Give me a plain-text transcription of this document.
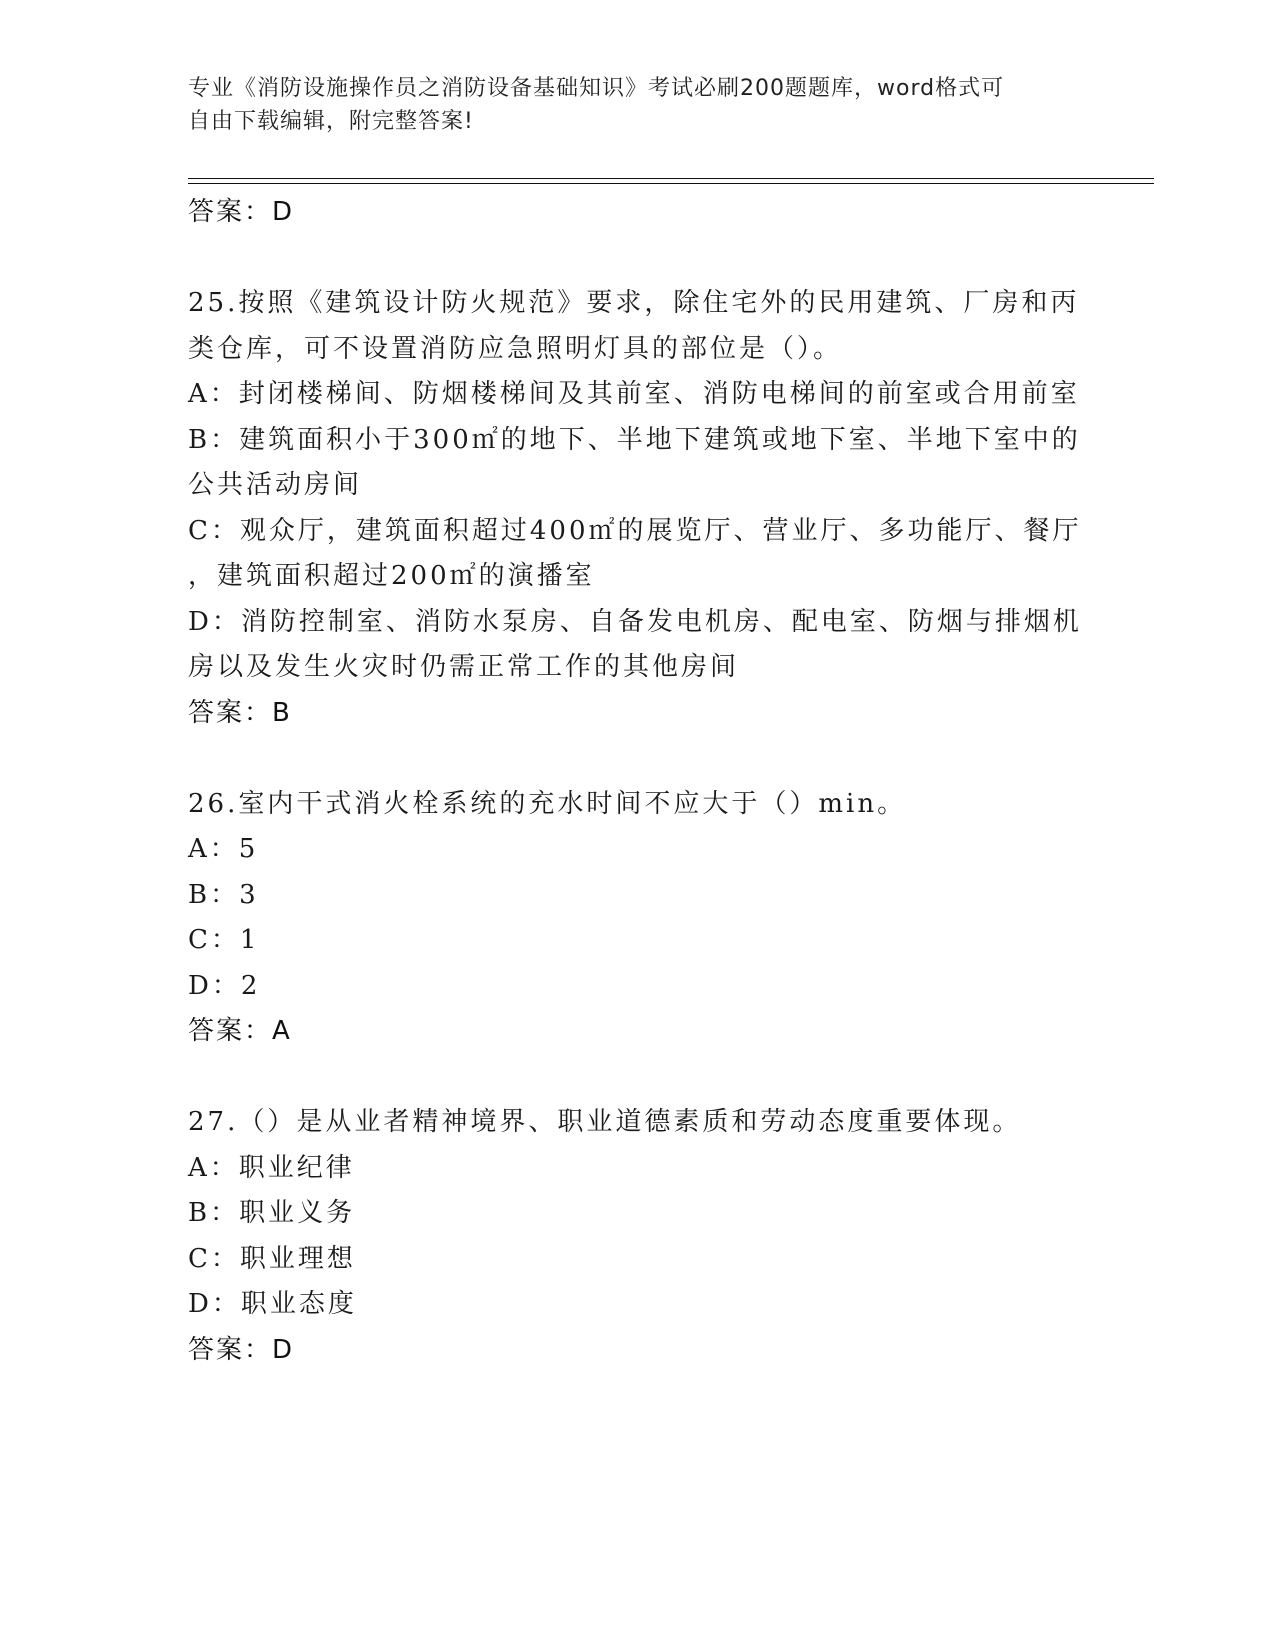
专业《消防设施操作员之消防设备基础知识》考试必刷200题题库，word格式可
自由下载编辑，附完整答案!
答案：D
25.按照《建筑设计防火规范》要求，除住宅外的民用建筑、厂房和丙
类仓库，可不设置消防应急照明灯具的部位是（）。
A：封闭楼梯间、防烟楼梯间及其前室、消防电梯间的前室或合用前室
B：建筑面积小于300㎡的地下、半地下建筑或地下室、半地下室中的
公共活动房间
C：观众厅，建筑面积超过400㎡的展览厅、营业厅、多功能厅、餐厅
，建筑面积超过200㎡的演播室
D：消防控制室、消防水泵房、自备发电机房、配电室、防烟与排烟机
房以及发生火灾时仍需正常工作的其他房间
答案：B
26.室内干式消火栓系统的充水时间不应大于（）min。
A：5
B：3
C：1
D：2
答案：A
27.（）是从业者精神境界、职业道德素质和劳动态度重要体现。
A：职业纪律
B：职业义务
C：职业理想
D：职业态度
答案：D
